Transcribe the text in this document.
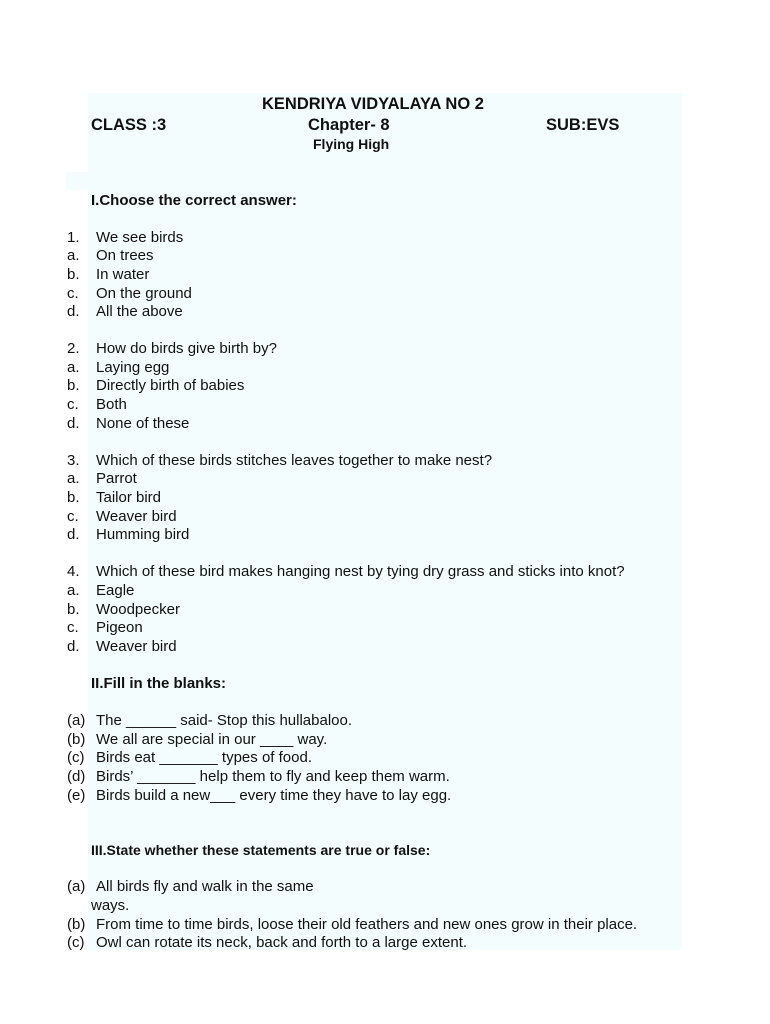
KENDRIYA VIDYALAYA NO 2
CLASS :3	Chapter- 8	SUB:EVS
Flying High
I.Choose the correct answer:
1. We see birds
a. On trees
b. In water
c. On the ground
d. All the above
2. How do birds give birth by?
a. Laying egg
b. Directly birth of babies
c. Both
d. None of these
3. Which of these birds stitches leaves together to make nest?
a. Parrot
b. Tailor bird
c. Weaver bird
d. Humming bird
4. Which of these bird makes hanging nest by tying dry grass and sticks into knot?
a. Eagle
b. Woodpecker
c. Pigeon
d. Weaver bird
II.Fill in the blanks:
(a) The ______ said- Stop this hullabaloo.
(b) We all are special in our ____ way.
(c) Birds eat _______ types of food.
(d) Birds’ _______ help them to fly and keep them warm.
(e) Birds build a new___ every time they have to lay egg.
III.State whether these statements are true or false:
(a) All birds fly and walk in the same
ways.
(b) From time to time birds, loose their old feathers and new ones grow in their place.
(c) Owl can rotate its neck, back and forth to a large extent.
